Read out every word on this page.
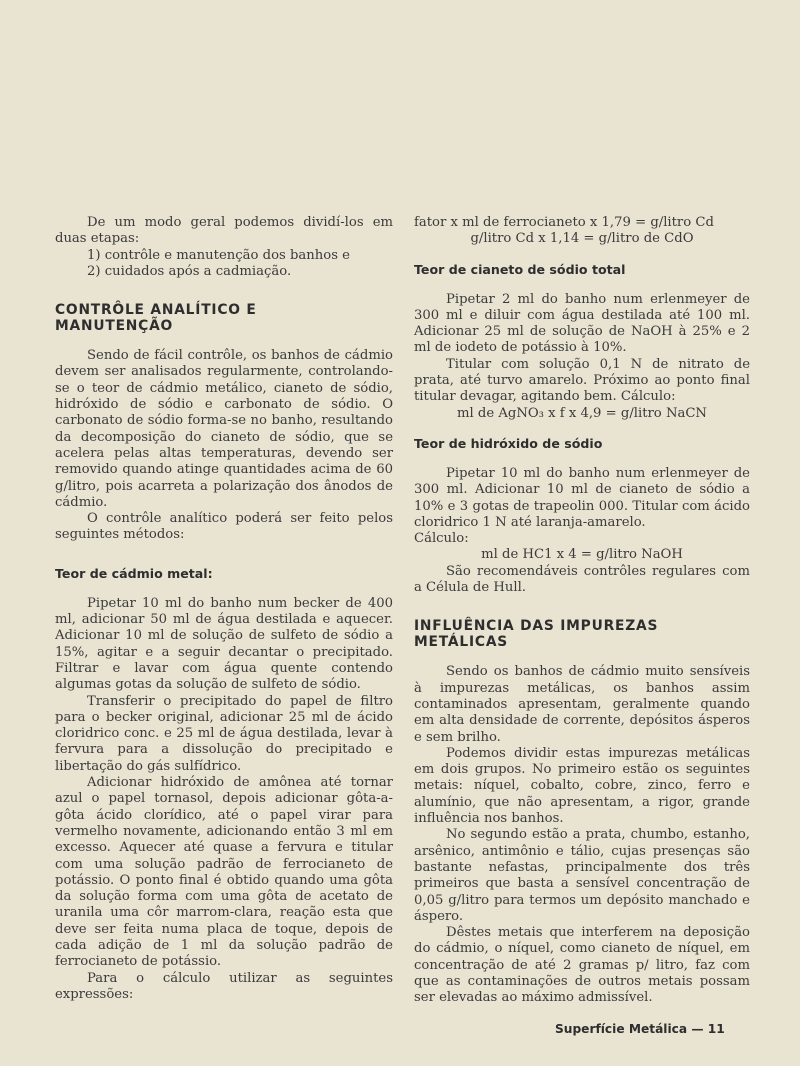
De um modo geral podemos dividí-los em duas etapas:

1) contrôle e manutenção dos banhos e
2) cuidados após a cadmiação.
CONTRÔLE ANALÍTICO E MANUTENÇÃO

Sendo de fácil contrôle, os banhos de cádmio devem ser analisados regularmente, controlando-se o teor de cádmio metálico, cianeto de sódio, hidróxido de sódio e carbonato de sódio. O carbonato de sódio forma-se no banho, resultando da decomposição do cianeto de sódio, que se acelera pelas altas temperaturas, devendo ser removido quando atinge quantidades acima de 60 g/litro, pois acarreta a polarização dos ânodos de cádmio.

O contrôle analítico poderá ser feito pelos seguintes métodos:

Teor de cádmio metal:

Pipetar 10 ml do banho num becker de 400 ml, adicionar 50 ml de água destilada e aquecer. Adicionar 10 ml de solução de sulfeto de sódio a 15%, agitar e a seguir decantar o precipitado. Filtrar e lavar com água quente contendo algumas gotas da solução de sulfeto de sódio.

Transferir o precipitado do papel de filtro para o becker original, adicionar 25 ml de ácido cloridrico conc. e 25 ml de água destilada, levar à fervura para a dissolução do precipitado e libertação do gás sulfídrico.

Adicionar hidróxido de amônea até tornar azul o papel tornasol, depois adicionar gôta-a-gôta ácido clorídico, até o papel virar para vermelho novamente, adicionando então 3 ml em excesso. Aquecer até quase a fervura e titular com uma solução padrão de ferrocianeto de potássio. O ponto final é obtido quando uma gôta da solução forma com uma gôta de acetato de uranila uma côr marrom-clara, reação esta que deve ser feita numa placa de toque, depois de cada adição de 1 ml da solução padrão de ferrocianeto de potássio.

Para o cálculo utilizar as seguintes expressões:

fator x ml de ferrocianeto x 1,79 = g/litro Cd

g/litro Cd x 1,14 = g/litro de CdO

Teor de cianeto de sódio total

Pipetar 2 ml do banho num erlenmeyer de 300 ml e diluir com água destilada até 100 ml. Adicionar 25 ml de solução de NaOH à 25% e 2 ml de iodeto de potássio à 10%.

Titular com solução 0,1 N de nitrato de prata, até turvo amarelo. Próximo ao ponto final titular devagar, agitando bem. Cálculo:

ml de AgNO₃ x f x 4,9 = g/litro NaCN

Teor de hidróxido de sódio

Pipetar 10 ml do banho num erlenmeyer de 300 ml. Adicionar 10 ml de cianeto de sódio a 10% e 3 gotas de trapeolin 000. Titular com ácido cloridrico 1 N até laranja-amarelo.

Cálculo:

ml de HC1 x 4 = g/litro NaOH

São recomendáveis contrôles regulares com a Célula de Hull.

INFLUÊNCIA DAS IMPUREZAS METÁLICAS

Sendo os banhos de cádmio muito sensíveis à impurezas metálicas, os banhos assim contaminados apresentam, geralmente quando em alta densidade de corrente, depósitos ásperos e sem brilho.

Podemos dividir estas impurezas metálicas em dois grupos. No primeiro estão os seguintes metais: níquel, cobalto, cobre, zinco, ferro e alumínio, que não apresentam, a rigor, grande influência nos banhos.

No segundo estão a prata, chumbo, estanho, arsênico, antimônio e tálio, cujas presenças são bastante nefastas, principalmente dos três primeiros que basta a sensível concentração de 0,05 g/litro para termos um depósito manchado e áspero.

Dêstes metais que interferem na deposição do cádmio, o níquel, como cianeto de níquel, em concentração de até 2 gramas p/ litro, faz com que as contaminações de outros metais possam ser elevadas ao máximo admissível.

Superfície Metálica — 11
